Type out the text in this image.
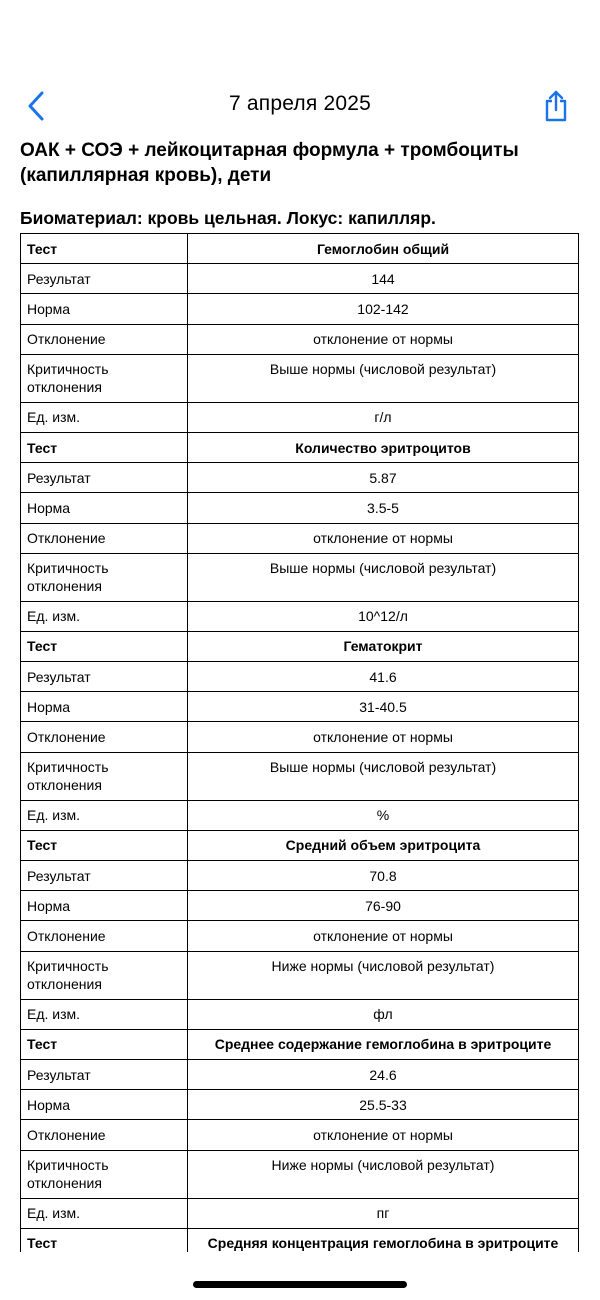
7 апреля 2025
ОАК + СОЭ + лейкоцитарная формула + тромбоциты (капиллярная кровь), дети
Биоматериал: кровь цельная. Локус: капилляр.
Тест	Гемоглобин общий
Результат	144
Норма	102-142
Отклонение	отклонение от нормы
Критичность отклонения	Выше нормы (числовой результат)
Ед. изм.	г/л
Тест	Количество эритроцитов
Результат	5.87
Норма	3.5-5
Отклонение	отклонение от нормы
Критичность отклонения	Выше нормы (числовой результат)
Ед. изм.	10^12/л
Тест	Гематокрит
Результат	41.6
Норма	31-40.5
Отклонение	отклонение от нормы
Критичность отклонения	Выше нормы (числовой результат)
Ед. изм.	%
Тест	Средний объем эритроцита
Результат	70.8
Норма	76-90
Отклонение	отклонение от нормы
Критичность отклонения	Ниже нормы (числовой результат)
Ед. изм.	фл
Тест	Среднее содержание гемоглобина в эритроците
Результат	24.6
Норма	25.5-33
Отклонение	отклонение от нормы
Критичность отклонения	Ниже нормы (числовой результат)
Ед. изм.	пг
Тест	Средняя концентрация гемоглобина в эритроците
